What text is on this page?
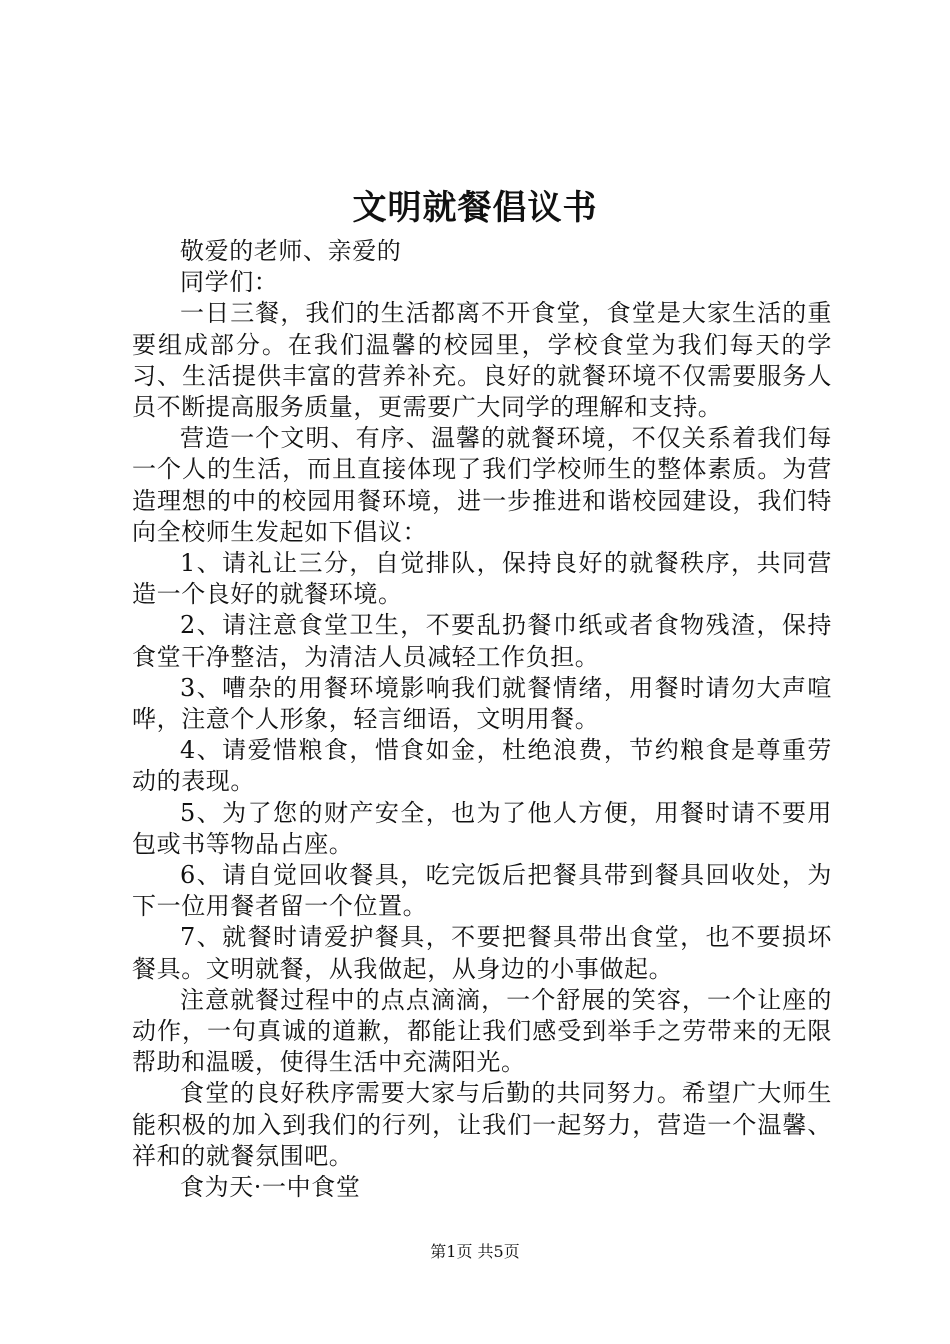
文明就餐倡议书

敬爱的老师、亲爱的

同学们：

一日三餐，我们的生活都离不开食堂，食堂是大家生活的重要组成部分。在我们温馨的校园里，学校食堂为我们每天的学习、生活提供丰富的营养补充。良好的就餐环境不仅需要服务人员不断提高服务质量，更需要广大同学的理解和支持。

营造一个文明、有序、温馨的就餐环境，不仅关系着我们每一个人的生活，而且直接体现了我们学校师生的整体素质。为营造理想的中的校园用餐环境，进一步推进和谐校园建设，我们特向全校师生发起如下倡议：

1、请礼让三分，自觉排队，保持良好的就餐秩序，共同营造一个良好的就餐环境。

2、请注意食堂卫生，不要乱扔餐巾纸或者食物残渣，保持食堂干净整洁，为清洁人员减轻工作负担。

3、嘈杂的用餐环境影响我们就餐情绪，用餐时请勿大声喧哗，注意个人形象，轻言细语，文明用餐。

4、请爱惜粮食，惜食如金，杜绝浪费，节约粮食是尊重劳动的表现。

5、为了您的财产安全，也为了他人方便，用餐时请不要用包或书等物品占座。

6、请自觉回收餐具，吃完饭后把餐具带到餐具回收处，为下一位用餐者留一个位置。

7、就餐时请爱护餐具，不要把餐具带出食堂，也不要损坏餐具。文明就餐，从我做起，从身边的小事做起。

注意就餐过程中的点点滴滴，一个舒展的笑容，一个让座的动作，一句真诚的道歉，都能让我们感受到举手之劳带来的无限帮助和温暖，使得生活中充满阳光。

食堂的良好秩序需要大家与后勤的共同努力。希望广大师生能积极的加入到我们的行列，让我们一起努力，营造一个温馨、祥和的就餐氛围吧。

食为天·一中食堂

第1页 共5页
